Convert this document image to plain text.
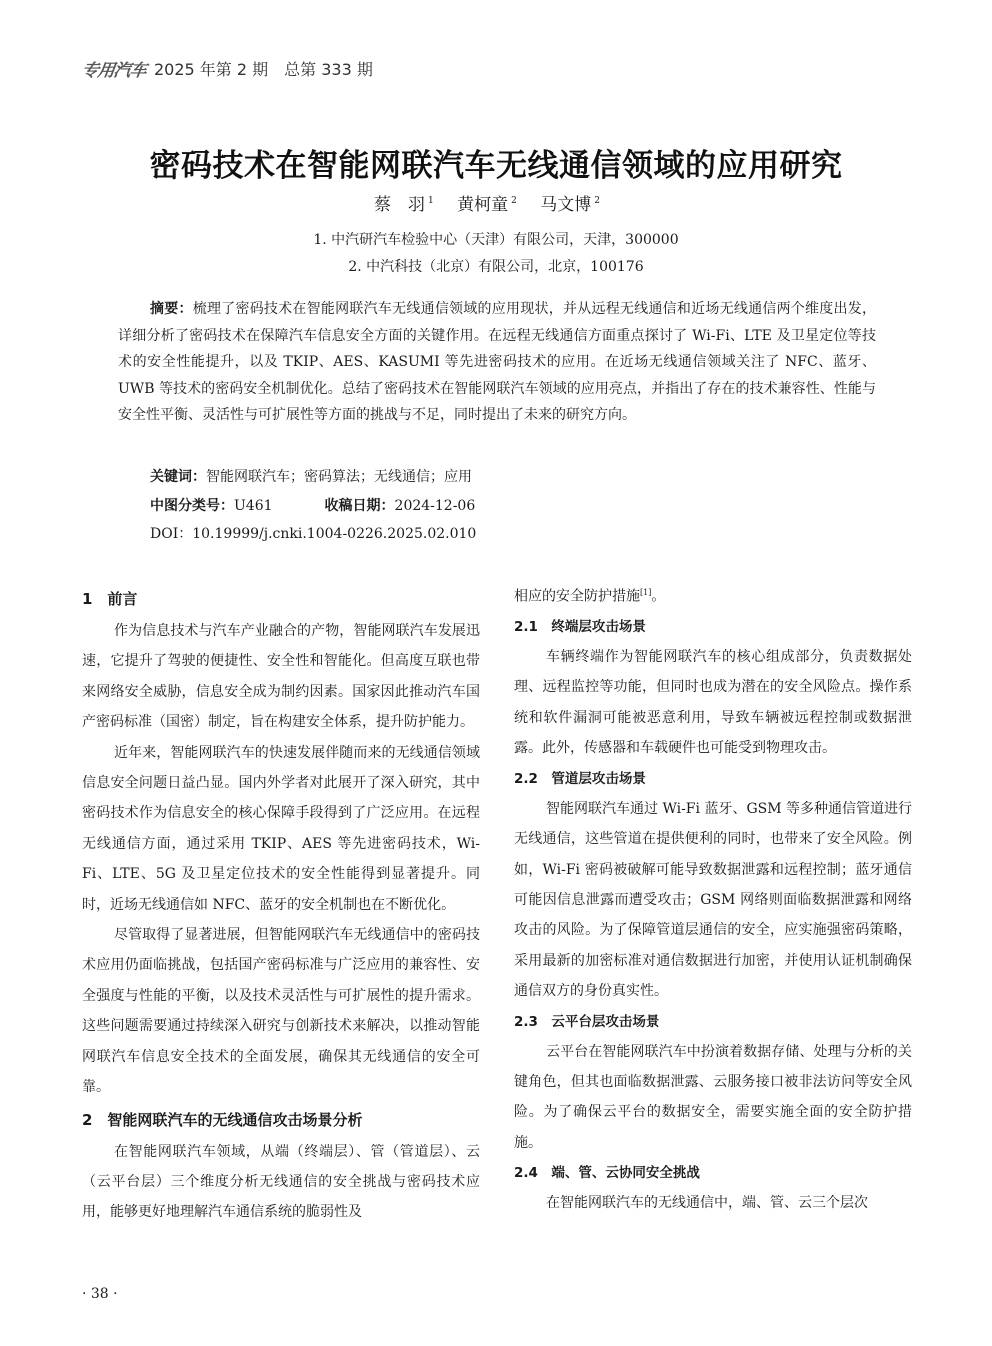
专用汽车 2025 年第 2 期　总第 333 期
密码技术在智能网联汽车无线通信领域的应用研究
蔡　羽 $^1$ 黄柯童 $^2$ 马文博 $^2$
1. 中汽研汽车检验中心（天津）有限公司，天津，300000
2. 中汽科技（北京）有限公司，北京，100176
摘要：梳理了密码技术在智能网联汽车无线通信领域的应用现状，并从远程无线通信和近场无线通信两个维度出发，详细分析了密码技术在保障汽车信息安全方面的关键作用。在远程无线通信方面重点探讨了 Wi-Fi、LTE 及卫星定位等技术的安全性能提升，以及 TKIP、AES、KASUMI 等先进密码技术的应用。在近场无线通信领域关注了 NFC、蓝牙、UWB 等技术的密码安全机制优化。总结了密码技术在智能网联汽车领域的应用亮点，并指出了存在的技术兼容性、性能与安全性平衡、灵活性与可扩展性等方面的挑战与不足，同时提出了未来的研究方向。
关键词：智能网联汽车；密码算法；无线通信；应用
中图分类号：U461	收稿日期：2024-12-06
DOI：10.19999/j.cnki.1004-0226.2025.02.010
1　前言

作为信息技术与汽车产业融合的产物，智能网联汽车发展迅速，它提升了驾驶的便捷性、安全性和智能化。但高度互联也带来网络安全威胁，信息安全成为制约因素。国家因此推动汽车国产密码标准（国密）制定，旨在构建安全体系，提升防护能力。

近年来，智能网联汽车的快速发展伴随而来的无线通信领域信息安全问题日益凸显。国内外学者对此展开了深入研究，其中密码技术作为信息安全的核心保障手段得到了广泛应用。在远程无线通信方面，通过采用 TKIP、AES 等先进密码技术，Wi-Fi、LTE、5G 及卫星定位技术的安全性能得到显著提升。同时，近场无线通信如 NFC、蓝牙的安全机制也在不断优化。

尽管取得了显著进展，但智能网联汽车无线通信中的密码技术应用仍面临挑战，包括国产密码标准与广泛应用的兼容性、安全强度与性能的平衡，以及技术灵活性与可扩展性的提升需求。这些问题需要通过持续深入研究与创新技术来解决，以推动智能网联汽车信息安全技术的全面发展，确保其无线通信的安全可靠。

2　智能网联汽车的无线通信攻击场景分析

在智能网联汽车领域，从端（终端层）、管（管道层）、云（云平台层）三个维度分析无线通信的安全挑战与密码技术应用，能够更好地理解汽车通信系统的脆弱性及

相应的安全防护措施[1]。

2.1　终端层攻击场景

车辆终端作为智能网联汽车的核心组成部分，负责数据处理、远程监控等功能，但同时也成为潜在的安全风险点。操作系统和软件漏洞可能被恶意利用，导致车辆被远程控制或数据泄露。此外，传感器和车载硬件也可能受到物理攻击。

2.2　管道层攻击场景

智能网联汽车通过 Wi-Fi 蓝牙、GSM 等多种通信管道进行无线通信，这些管道在提供便利的同时，也带来了安全风险。例如，Wi-Fi 密码被破解可能导致数据泄露和远程控制；蓝牙通信可能因信息泄露而遭受攻击；GSM 网络则面临数据泄露和网络攻击的风险。为了保障管道层通信的安全，应实施强密码策略，采用最新的加密标准对通信数据进行加密，并使用认证机制确保通信双方的身份真实性。

2.3　云平台层攻击场景

云平台在智能网联汽车中扮演着数据存储、处理与分析的关键角色，但其也面临数据泄露、云服务接口被非法访问等安全风险。为了确保云平台的数据安全，需要实施全面的安全防护措施。

2.4　端、管、云协同安全挑战

在智能网联汽车的无线通信中，端、管、云三个层次

· 38 ·
